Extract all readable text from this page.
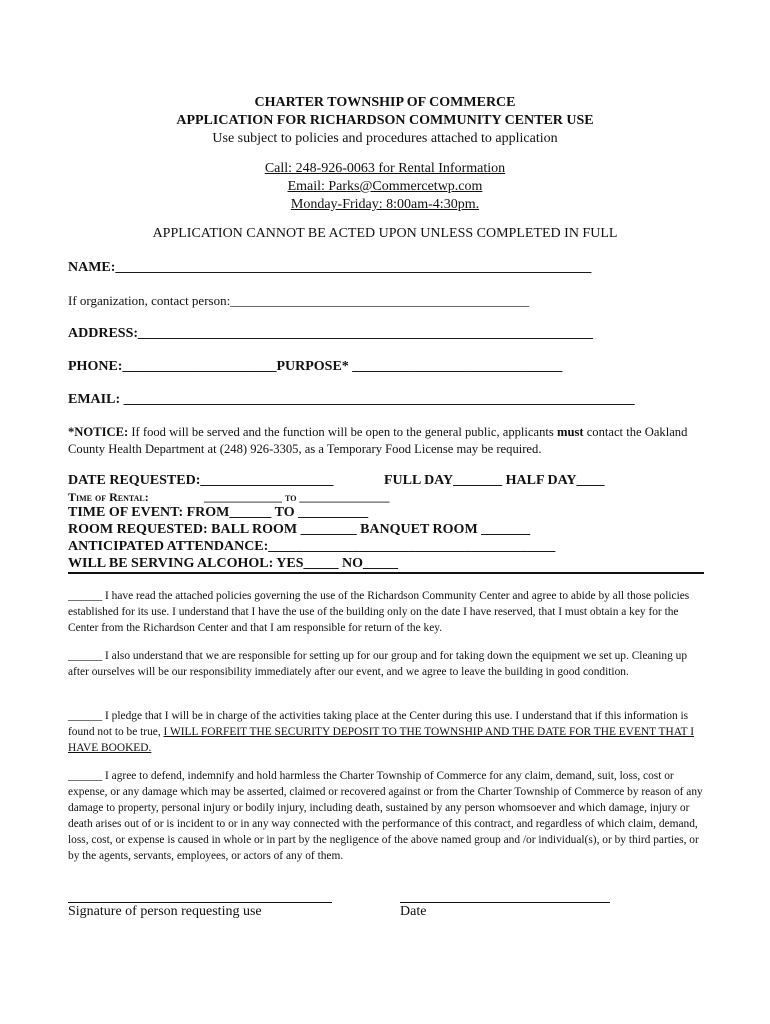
CHARTER TOWNSHIP OF COMMERCE
APPLICATION FOR RICHARDSON COMMUNITY CENTER USE
Use subject to policies and procedures attached to application
Call: 248-926-0063 for Rental Information
Email: Parks@Commercetwp.com
Monday-Friday: 8:00am-4:30pm.
APPLICATION CANNOT BE ACTED UPON UNLESS COMPLETED IN FULL
NAME:____________________________________________________________________
If organization, contact person:______________________________________________
ADDRESS:_________________________________________________________________
PHONE:______________________PURPOSE* ______________________________
EMAIL: _________________________________________________________________________
*NOTICE: If food will be served and the function will be open to the general public, applicants must contact the Oakland County Health Department at (248) 926-3305, as a Temporary Food License may be required.
DATE REQUESTED:___________________	FULL DAY_______ HALF DAY____
Time of Rental:	_____________ to _______________
TIME OF EVENT: FROM______ TO __________
ROOM REQUESTED: BALL ROOM ________ BANQUET ROOM _______
ANTICIPATED ATTENDANCE:_________________________________________
WILL BE SERVING ALCOHOL: YES_____ NO_____
______ I have read the attached policies governing the use of the Richardson Community Center and agree to abide by all those policies established for its use. I understand that I have the use of the building only on the date I have reserved, that I must obtain a key for the Center from the Richardson Center and that I am responsible for return of the key.
______ I also understand that we are responsible for setting up for our group and for taking down the equipment we set up. Cleaning up after ourselves will be our responsibility immediately after our event, and we agree to leave the building in good condition.
______ I pledge that I will be in charge of the activities taking place at the Center during this use. I understand that if this information is found not to be true, I WILL FORFEIT THE SECURITY DEPOSIT TO THE TOWNSHIP AND THE DATE FOR THE EVENT THAT I HAVE BOOKED.
______ I agree to defend, indemnify and hold harmless the Charter Township of Commerce for any claim, demand, suit, loss, cost or expense, or any damage which may be asserted, claimed or recovered against or from the Charter Township of Commerce by reason of any damage to property, personal injury or bodily injury, including death, sustained by any person whomsoever and which damage, injury or death arises out of or is incident to or in any way connected with the performance of this contract, and regardless of which claim, demand, loss, cost, or expense is caused in whole or in part by the negligence of the above named group and /or individual(s), or by third parties, or by the agents, servants, employees, or actors of any of them.
Signature of person requesting use	Date
